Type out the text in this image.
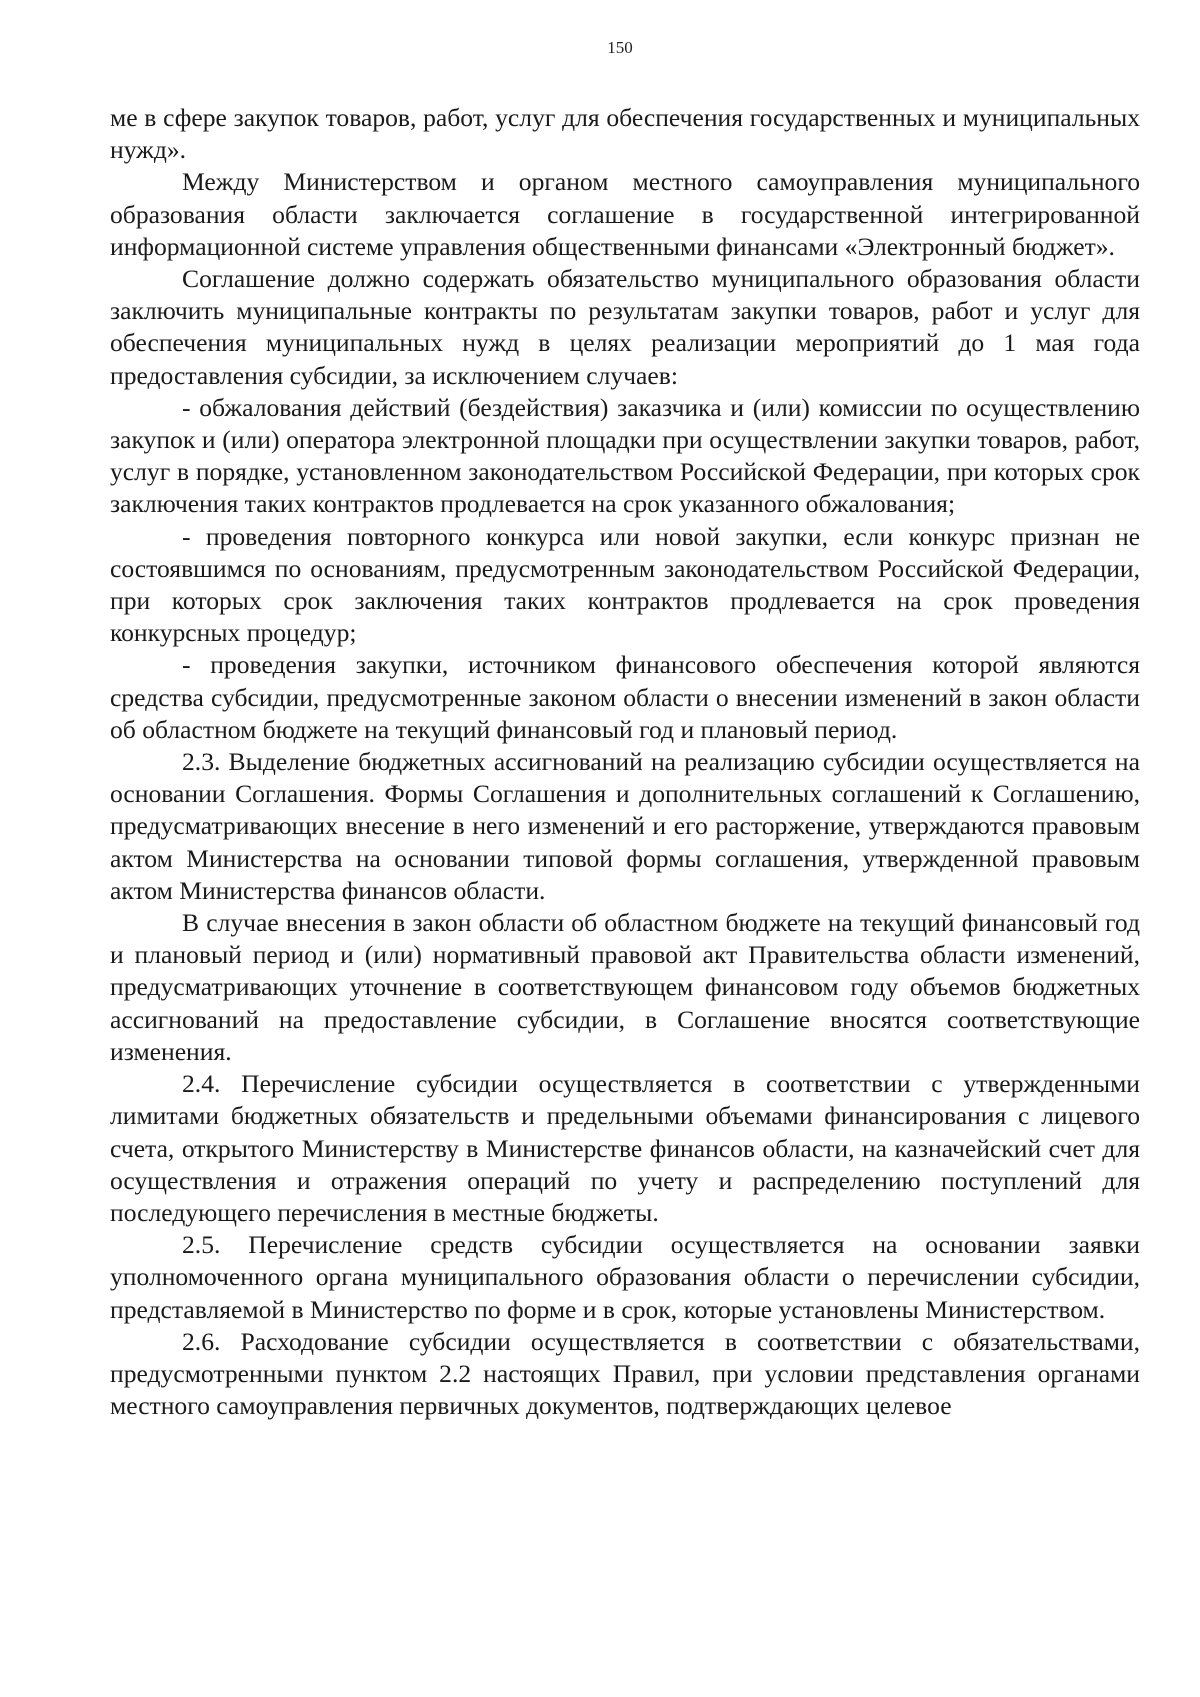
150

ме в сфере закупок товаров, работ, услуг для обеспечения государственных и муниципальных нужд».

Между Министерством и органом местного самоуправления муниципального образования области заключается соглашение в государственной интегрированной информационной системе управления общественными финансами «Электронный бюджет».

Соглашение должно содержать обязательство муниципального образования области заключить муниципальные контракты по результатам закупки товаров, работ и услуг для обеспечения муниципальных нужд в целях реализации мероприятий до 1 мая года предоставления субсидии, за исключением случаев:

- обжалования действий (бездействия) заказчика и (или) комиссии по осуществлению закупок и (или) оператора электронной площадки при осуществлении закупки товаров, работ, услуг в порядке, установленном законодательством Российской Федерации, при которых срок заключения таких контрактов продлевается на срок указанного обжалования;

- проведения повторного конкурса или новой закупки, если конкурс признан не состоявшимся по основаниям, предусмотренным законодательством Российской Федерации, при которых срок заключения таких контрактов продлевается на срок проведения конкурсных процедур;

- проведения закупки, источником финансового обеспечения которой являются средства субсидии, предусмотренные законом области о внесении изменений в закон области об областном бюджете на текущий финансовый год и плановый период.

2.3. Выделение бюджетных ассигнований на реализацию субсидии осуществляется на основании Соглашения. Формы Соглашения и дополнительных соглашений к Соглашению, предусматривающих внесение в него изменений и его расторжение, утверждаются правовым актом Министерства на основании типовой формы соглашения, утвержденной правовым актом Министерства финансов области.

В случае внесения в закон области об областном бюджете на текущий финансовый год и плановый период и (или) нормативный правовой акт Правительства области изменений, предусматривающих уточнение в соответствующем финансовом году объемов бюджетных ассигнований на предоставление субсидии, в Соглашение вносятся соответствующие изменения.

2.4. Перечисление субсидии осуществляется в соответствии с утвержденными лимитами бюджетных обязательств и предельными объемами финансирования с лицевого счета, открытого Министерству в Министерстве финансов области, на казначейский счет для осуществления и отражения операций по учету и распределению поступлений для последующего перечисления в местные бюджеты.

2.5. Перечисление средств субсидии осуществляется на основании заявки уполномоченного органа муниципального образования области о перечислении субсидии, представляемой в Министерство по форме и в срок, которые установлены Министерством.

2.6. Расходование субсидии осуществляется в соответствии с обязательствами, предусмотренными пунктом 2.2 настоящих Правил, при условии представления органами местного самоуправления первичных документов, подтверждающих целевое
